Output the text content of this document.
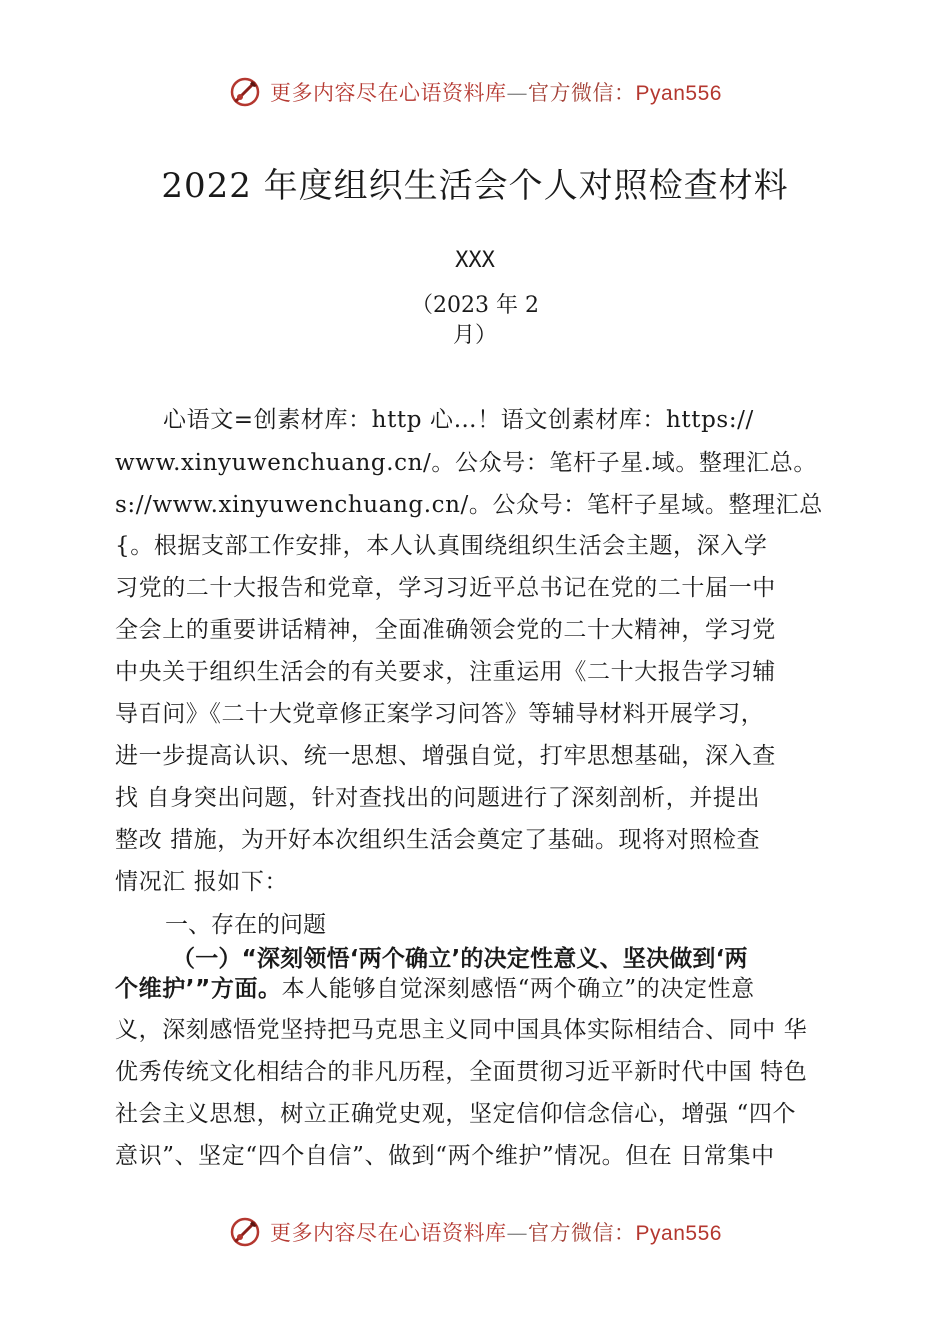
更多内容尽在心语资料库—官方微信：Pyan556
2022 年度组织生活会个人对照检查材料
XXX
（2023 年 2
月）
心语文=创素材库：http 心…！语文创素材库：https://
www.xinyuwenchuang.cn/。公众号：笔杆子星.域。整理汇总。
s://www.xinyuwenchuang.cn/。公众号：笔杆子星域。整理汇总
{。根据支部工作安排，本人认真围绕组织生活会主题，深入学
习党的二十大报告和党章，学习习近平总书记在党的二十届一中
全会上的重要讲话精神，全面准确领会党的二十大精神，学习党
中央关于组织生活会的有关要求，注重运用《二十大报告学习辅
导百问》《二十大党章修正案学习问答》等辅导材料开展学习，
进一步提高认识、统一思想、增强自觉，打牢思想基础，深入查
找 自身突出问题，针对查找出的问题进行了深刻剖析，并提出
整改 措施，为开好本次组织生活会奠定了基础。现将对照检查
情况汇 报如下：
一、存在的问题
（一）“深刻领悟‘两个确立’的决定性意义、坚决做到‘两
个维护’”方面。本人能够自觉深刻感悟“两个确立”的决定性意
义，深刻感悟党坚持把马克思主义同中国具体实际相结合、同中 华
优秀传统文化相结合的非凡历程，全面贯彻习近平新时代中国 特色
社会主义思想，树立正确党史观，坚定信仰信念信心，增强 “四个
意识”、坚定“四个自信”、做到“两个维护”情况。但在 日常集中
更多内容尽在心语资料库—官方微信：Pyan556
